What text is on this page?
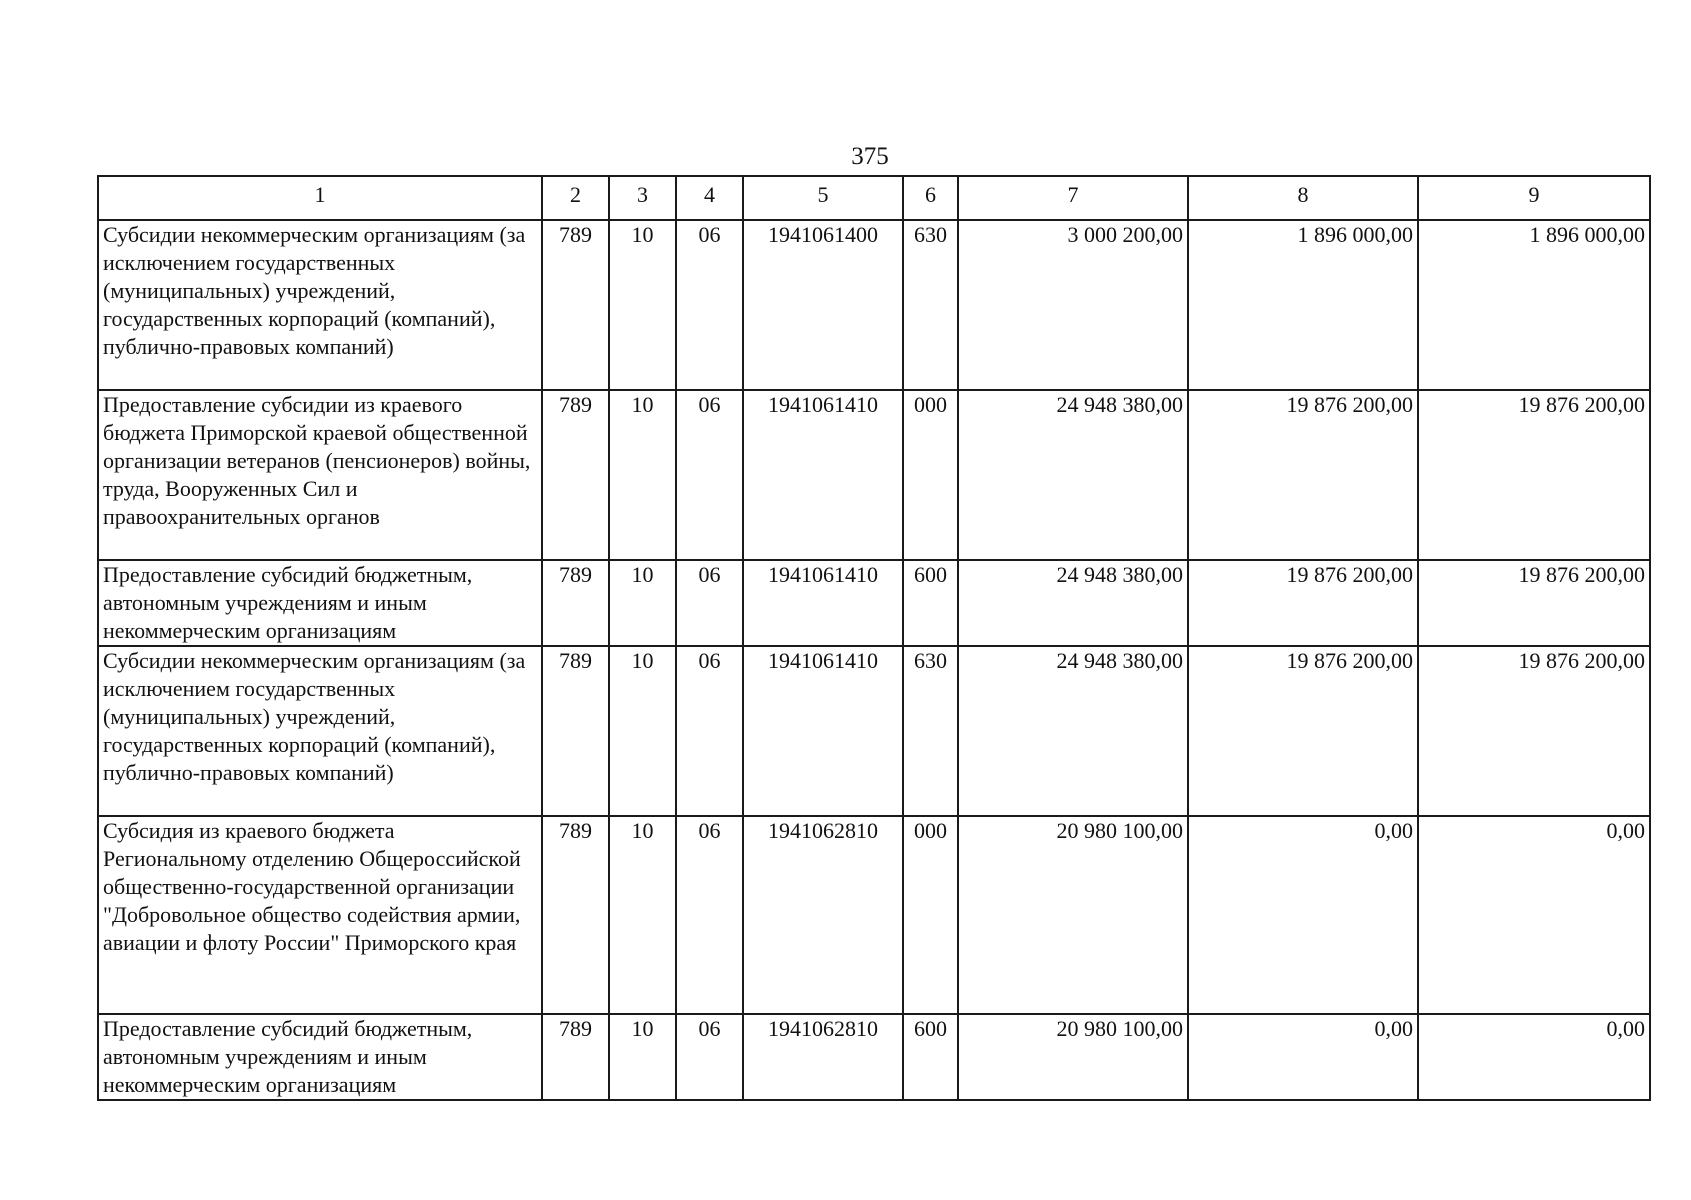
375
1	2	3	4	5	6	7	8	9
Субсидии некоммерческим организациям (за исключением государственных (муниципальных) учреждений, государственных корпораций (компаний), публично-правовых компаний)	789	10	06	1941061400	630	3 000 200,00	1 896 000,00	1 896 000,00
Предоставление субсидии из краевого бюджета Приморской краевой общественной организации ветеранов (пенсионеров) войны, труда, Вооруженных Сил и правоохранительных органов	789	10	06	1941061410	000	24 948 380,00	19 876 200,00	19 876 200,00
Предоставление субсидий бюджетным, автономным учреждениям и иным некоммерческим организациям	789	10	06	1941061410	600	24 948 380,00	19 876 200,00	19 876 200,00
Субсидии некоммерческим организациям (за исключением государственных (муниципальных) учреждений, государственных корпораций (компаний), публично-правовых компаний)	789	10	06	1941061410	630	24 948 380,00	19 876 200,00	19 876 200,00
Субсидия из краевого бюджета Региональному отделению Общероссийской общественно-государственной организации "Добровольное общество содействия армии, авиации и флоту России" Приморского края	789	10	06	1941062810	000	20 980 100,00	0,00	0,00
Предоставление субсидий бюджетным, автономным учреждениям и иным некоммерческим организациям	789	10	06	1941062810	600	20 980 100,00	0,00	0,00
